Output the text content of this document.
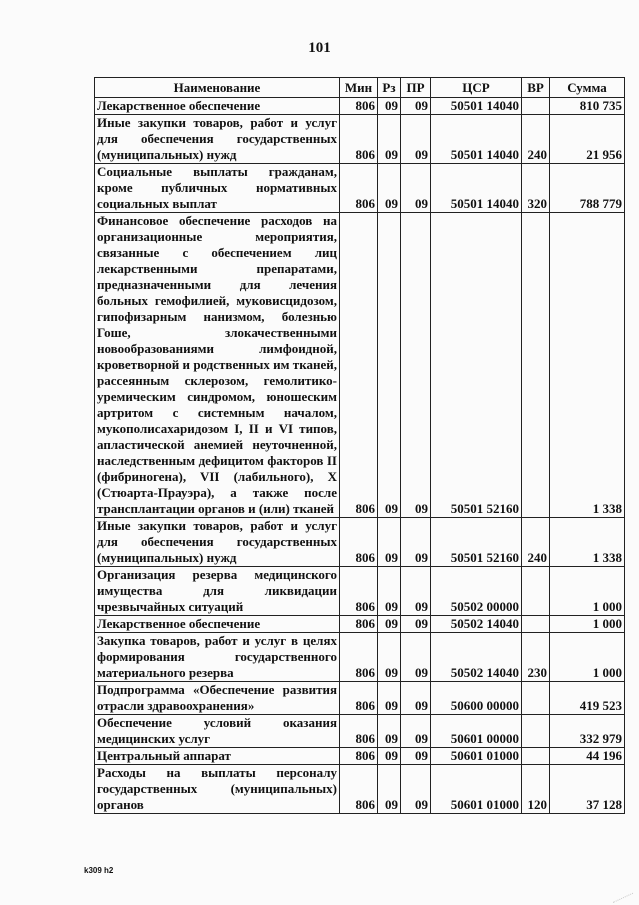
101
Наименование	Мин	Рз	ПР	ЦСР	ВР	Сумма
Лекарственное обеспечение	806	09	09	50501 14040		810 735
Иные закупки товаров, работ и услуг для обеспечения государственных (муниципальных) нужд	806	09	09	50501 14040	240	21 956
Социальные выплаты гражданам, кроме публичных нормативных социальных выплат	806	09	09	50501 14040	320	788 779
Финансовое обеспечение расходов на организационные мероприятия, связанные с обеспечением лиц лекарственными препаратами, предназначенными для лечения больных гемофилией, муковисцидозом, гипофизарным нанизмом, болезнью Гоше, злокачественными новообразованиями лимфоидной, кроветворной и родственных им тканей, рассеянным склерозом, гемолитико-уремическим синдромом, юношеским артритом с системным началом, мукополисахаридозом I, II и VI типов, апластической анемией неуточненной, наследственным дефицитом факторов II (фибриногена), VII (лабильного), X (Стюарта-Прауэра), а также после трансплантации органов и (или) тканей	806	09	09	50501 52160		1 338
Иные закупки товаров, работ и услуг для обеспечения государственных (муниципальных) нужд	806	09	09	50501 52160	240	1 338
Организация резерва медицинского имущества для ликвидации чрезвычайных ситуаций	806	09	09	50502 00000		1 000
Лекарственное обеспечение	806	09	09	50502 14040		1 000
Закупка товаров, работ и услуг в целях формирования государственного материального резерва	806	09	09	50502 14040	230	1 000
Подпрограмма «Обеспечение развития отрасли здравоохранения»	806	09	09	50600 00000		419 523
Обеспечение условий оказания медицинских услуг	806	09	09	50601 00000		332 979
Центральный аппарат	806	09	09	50601 01000		44 196
Расходы на выплаты персоналу государственных (муниципальных) органов	806	09	09	50601 01000	120	37 128
k309 h2
